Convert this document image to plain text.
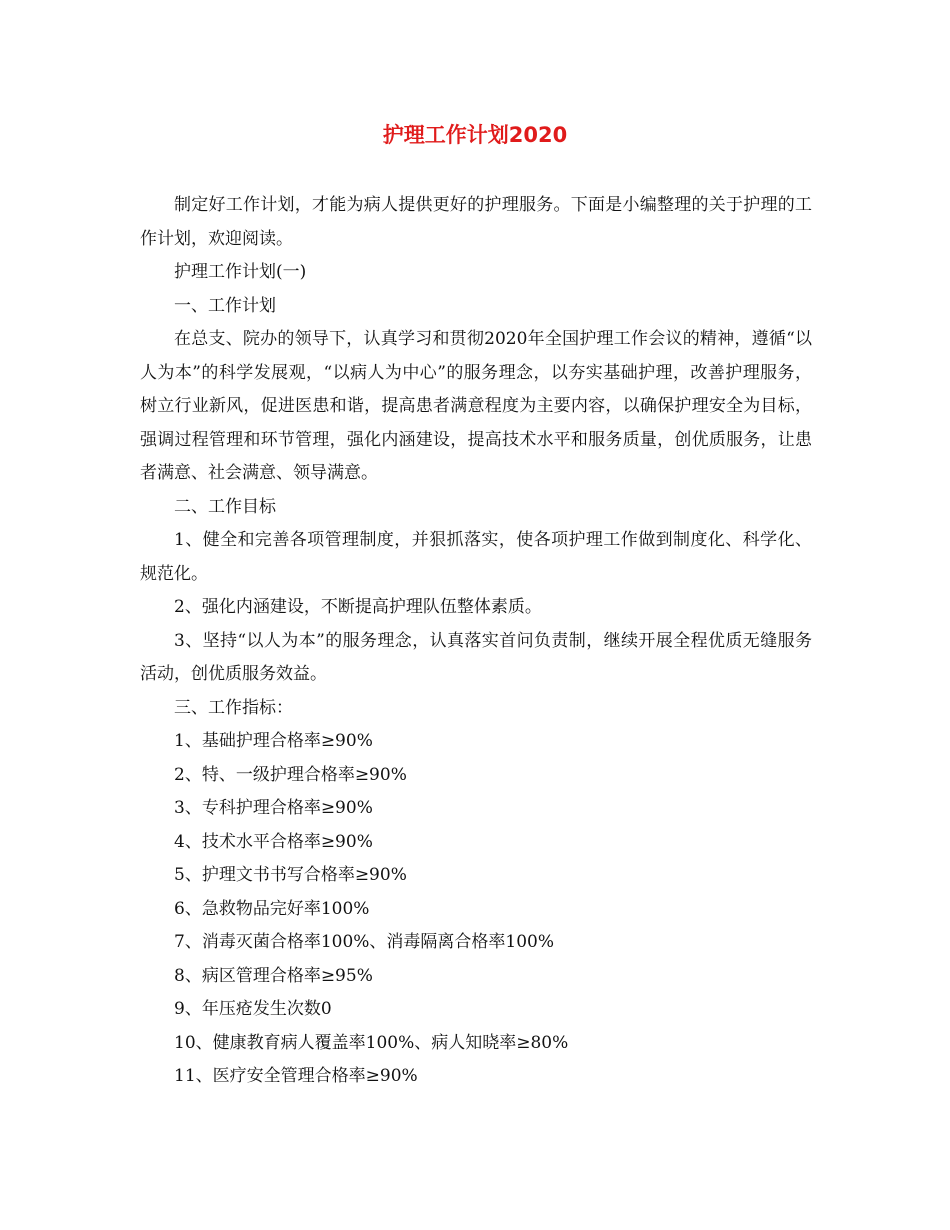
护理工作计划2020

制定好工作计划，才能为病人提供更好的护理服务。下面是小编整理的关于护理的工作计划，欢迎阅读。

护理工作计划(一)

一、工作计划

在总支、院办的领导下，认真学习和贯彻2020年全国护理工作会议的精神，遵循“以人为本”的科学发展观，“以病人为中心”的服务理念，以夯实基础护理，改善护理服务，树立行业新风，促进医患和谐，提高患者满意程度为主要内容，以确保护理安全为目标，强调过程管理和环节管理，强化内涵建设，提高技术水平和服务质量，创优质服务，让患者满意、社会满意、领导满意。

二、工作目标

1、健全和完善各项管理制度，并狠抓落实，使各项护理工作做到制度化、科学化、规范化。

2、强化内涵建设，不断提高护理队伍整体素质。

3、坚持“以人为本”的服务理念，认真落实首问负责制，继续开展全程优质无缝服务活动，创优质服务效益。

三、工作指标：

1、基础护理合格率≥90%

2、特、一级护理合格率≥90%

3、专科护理合格率≥90%

4、技术水平合格率≥90%

5、护理文书书写合格率≥90%

6、急救物品完好率100%

7、消毒灭菌合格率100%、消毒隔离合格率100%

8、病区管理合格率≥95%

9、年压疮发生次数0

10、健康教育病人覆盖率100%、病人知晓率≥80%

11、医疗安全管理合格率≥90%
